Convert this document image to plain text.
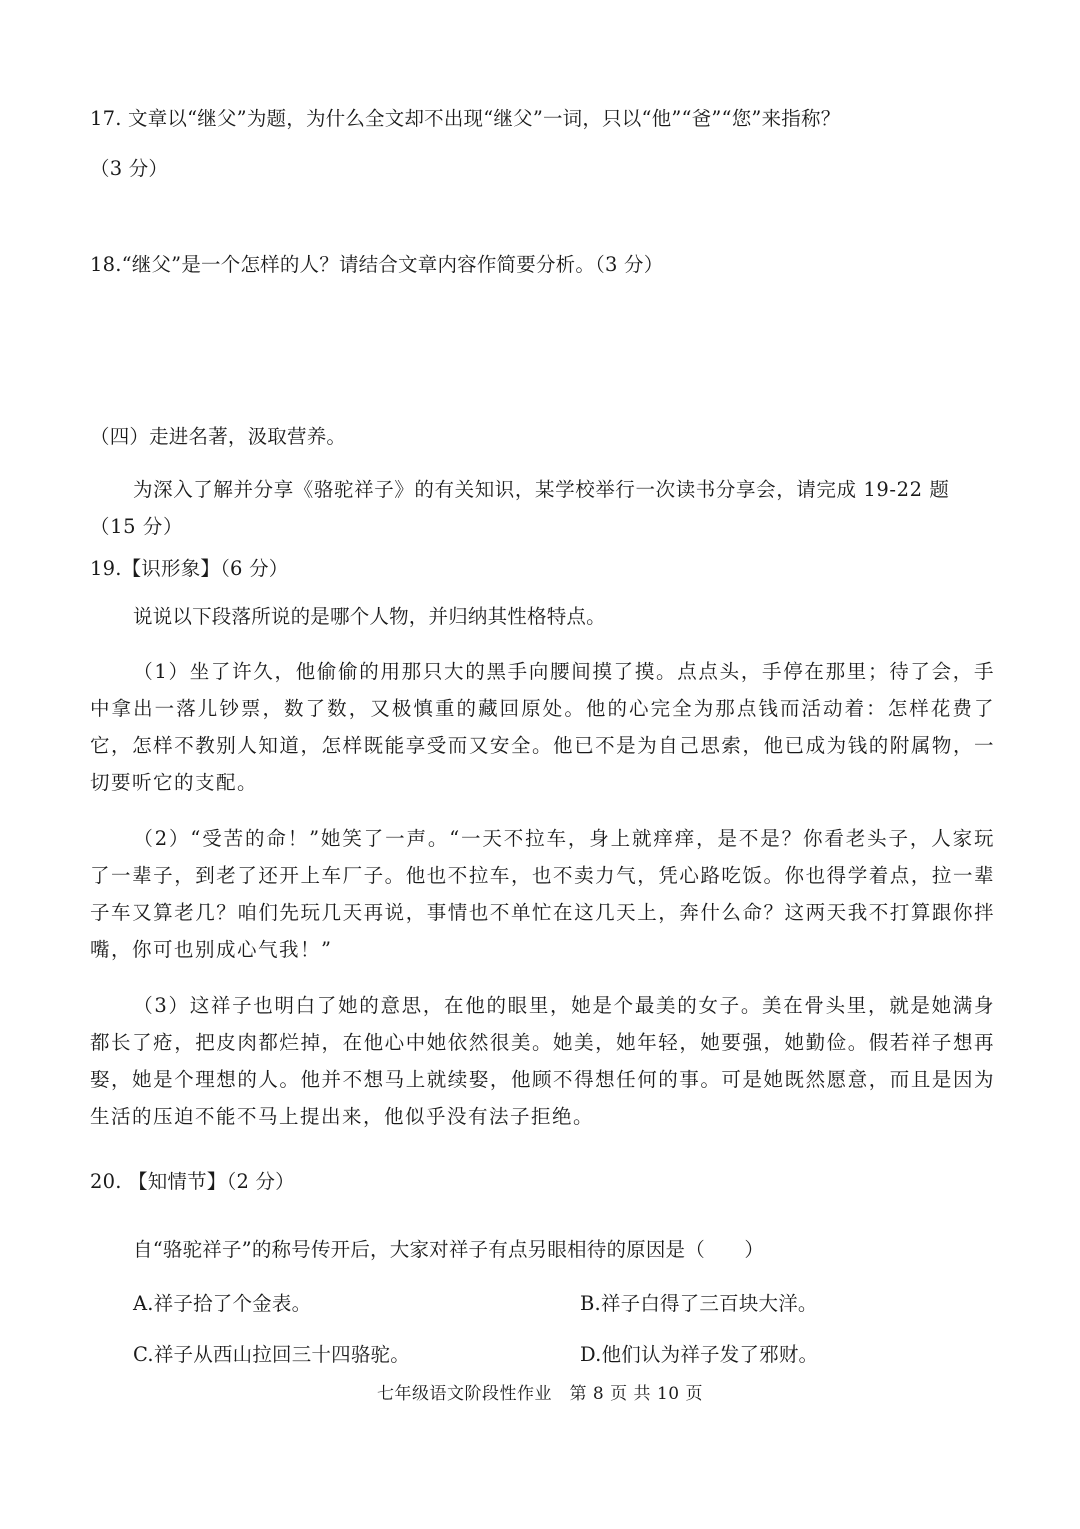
17. 文章以“继父”为题，为什么全文却不出现“继父”一词，只以“他”“爸”“您”来指称？
（3 分）
18.“继父”是一个怎样的人？请结合文章内容作简要分析。（3 分）
（四）走进名著，汲取营养。
为深入了解并分享《骆驼祥子》的有关知识，某学校举行一次读书分享会，请完成 19-22 题（15 分）
19.【识形象】（6 分）
说说以下段落所说的是哪个人物，并归纳其性格特点。
（1）坐了许久，他偷偷的用那只大的黑手向腰间摸了摸。点点头，手停在那里；待了会，手中拿出一落儿钞票，数了数，又极慎重的藏回原处。他的心完全为那点钱而活动着：怎样花费了它，怎样不教别人知道，怎样既能享受而又安全。他已不是为自己思索，他已成为钱的附属物，一切要听它的支配。
（2）“受苦的命！”她笑了一声。“一天不拉车，身上就痒痒，是不是？你看老头子，人家玩了一辈子，到老了还开上车厂子。他也不拉车，也不卖力气，凭心路吃饭。你也得学着点，拉一辈子车又算老几？咱们先玩几天再说，事情也不单忙在这几天上，奔什么命？这两天我不打算跟你拌嘴，你可也别成心气我！”
（3）这祥子也明白了她的意思，在他的眼里，她是个最美的女子。美在骨头里，就是她满身都长了疮，把皮肉都烂掉，在他心中她依然很美。她美，她年轻，她要强，她勤俭。假若祥子想再娶，她是个理想的人。他并不想马上就续娶，他顾不得想任何的事。可是她既然愿意，而且是因为生活的压迫不能不马上提出来，他似乎没有法子拒绝。
20. 【知情节】（2 分）
自“骆驼祥子”的称号传开后，大家对祥子有点另眼相待的原因是（　　）
A.祥子拾了个金表。	B.祥子白得了三百块大洋。
C.祥子从西山拉回三十四骆驼。	D.他们认为祥子发了邪财。
七年级语文阶段性作业　第 8 页 共 10 页
